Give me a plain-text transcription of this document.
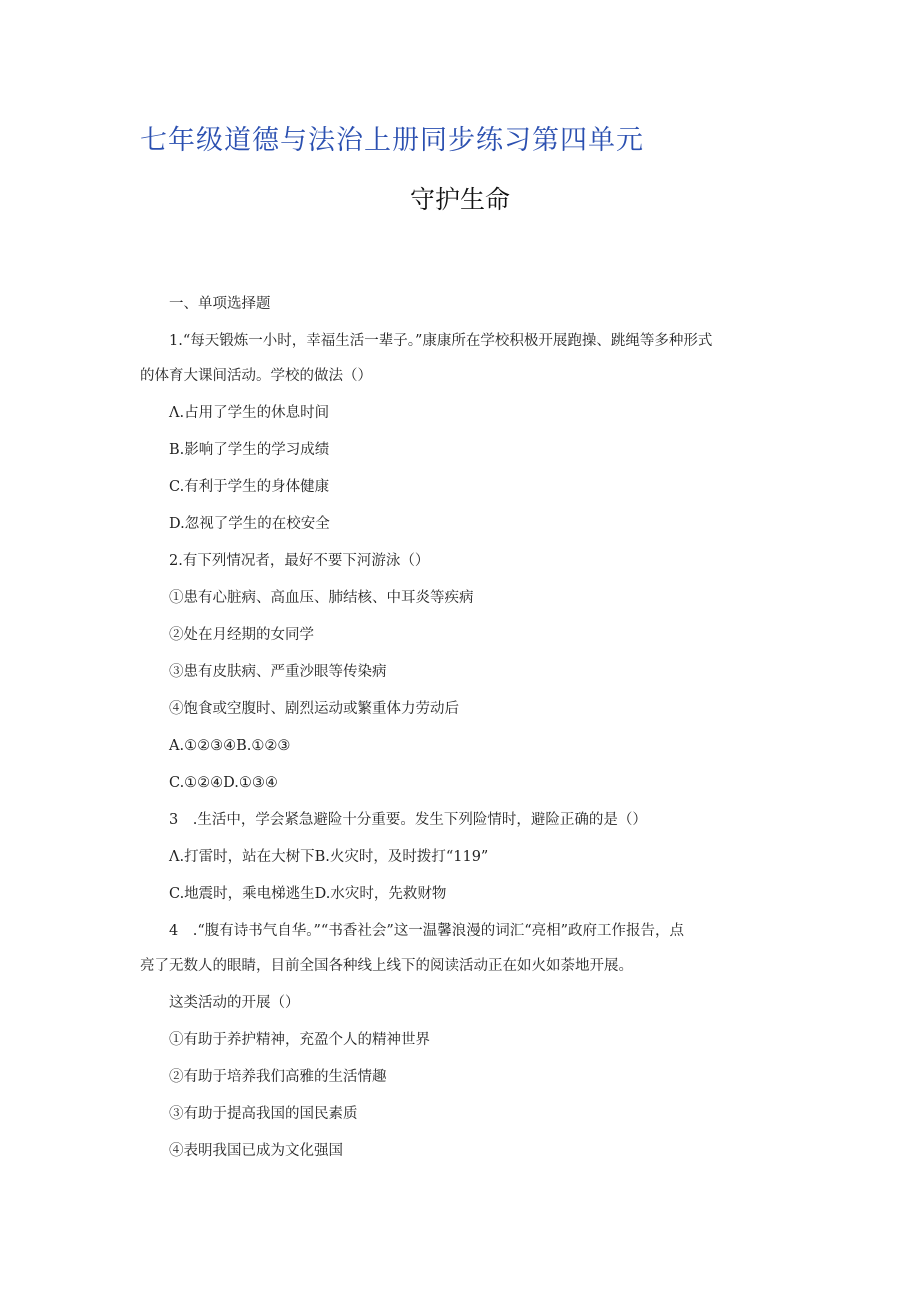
七年级道德与法治上册同步练习第四单元
守护生命
一、单项选择题
1.“每天锻炼一小时，幸福生活一辈子。”康康所在学校积极开展跑操、跳绳等多种形式
的体育大课间活动。学校的做法（）
Λ.占用了学生的休息时间
B.影响了学生的学习成绩
C.有利于学生的身体健康
D.忽视了学生的在校安全
2.有下列情况者，最好不要下河游泳（）
①患有心脏病、高血压、肺结核、中耳炎等疾病
②处在月经期的女同学
③患有皮肤病、严重沙眼等传染病
④饱食或空腹时、剧烈运动或繁重体力劳动后
A.①②③④B.①②③
C.①②④D.①③④
3　.生活中，学会紧急避险十分重要。发生下列险情时，避险正确的是（）
Λ.打雷时，站在大树下B.火灾时，及时拨打“119”
C.地震时，乘电梯逃生D.水灾时，先救财物
4　.“腹有诗书气自华。”“书香社会”这一温馨浪漫的词汇“亮相”政府工作报告，点
亮了无数人的眼睛，目前全国各种线上线下的阅读活动正在如火如荼地开展。
这类活动的开展（）
①有助于养护精神，充盈个人的精神世界
②有助于培养我们高雅的生活情趣
③有助于提高我国的国民素质
④表明我国已成为文化强国
